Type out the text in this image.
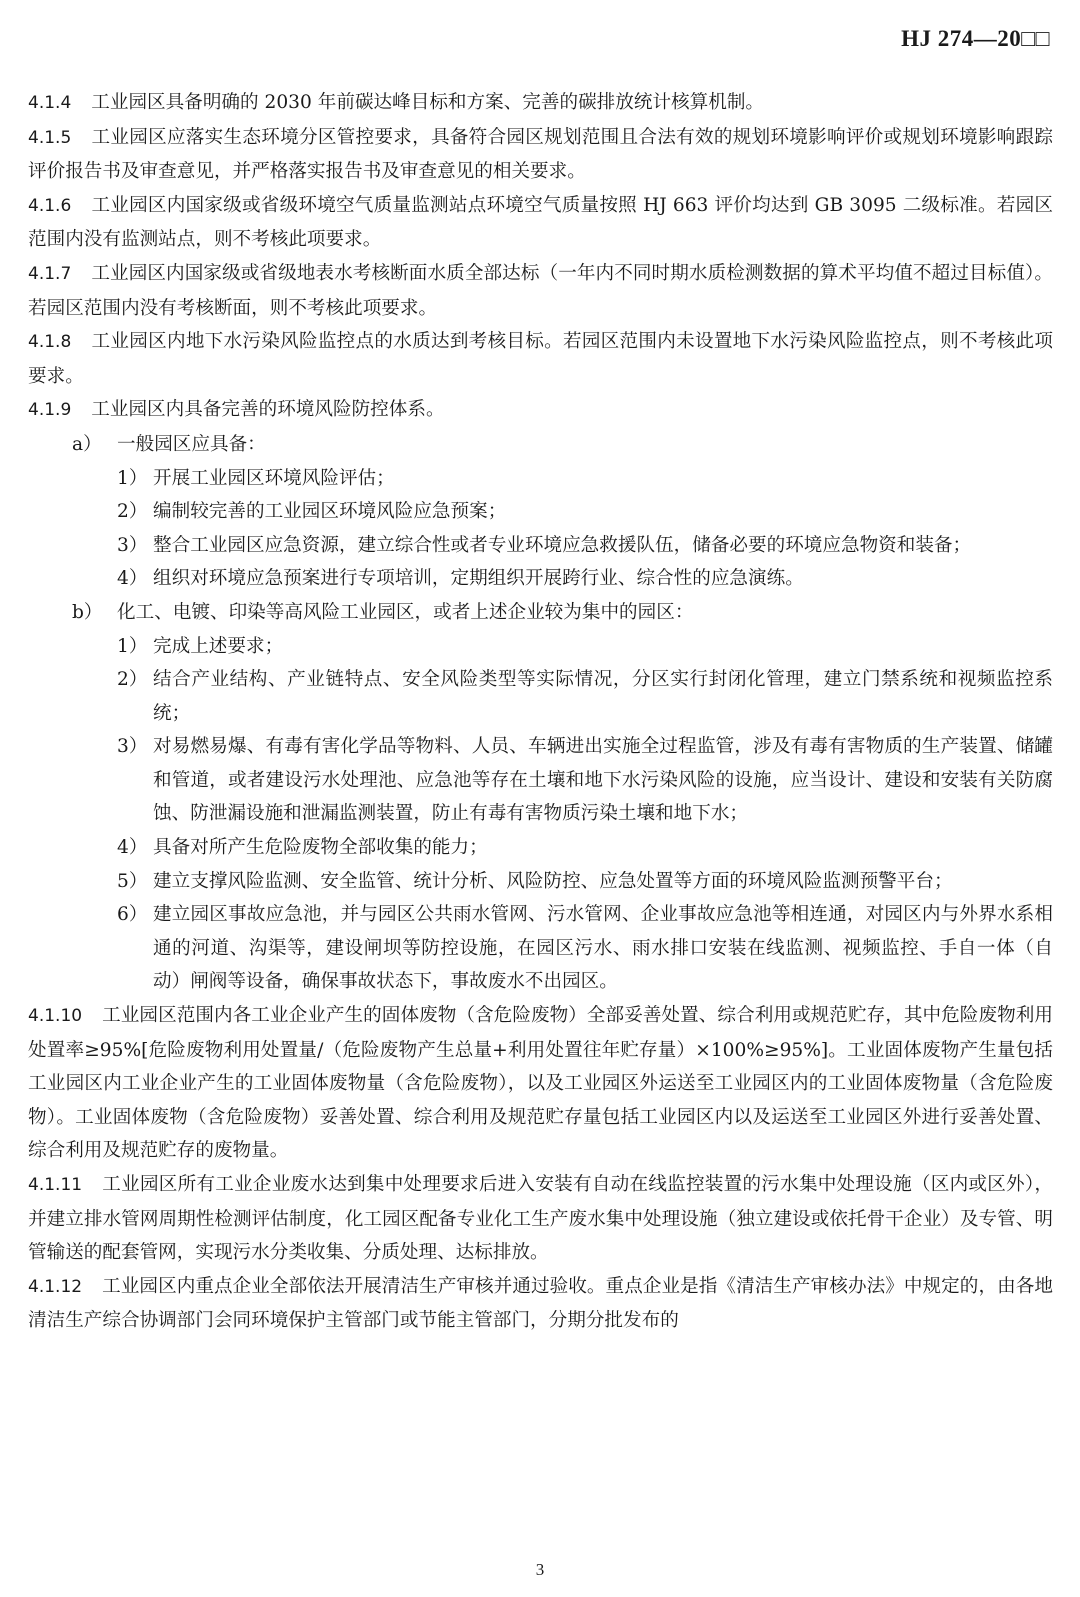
HJ 274—20□□

4.1.4 工业园区具备明确的 2030 年前碳达峰目标和方案、完善的碳排放统计核算机制。

4.1.5 工业园区应落实生态环境分区管控要求，具备符合园区规划范围且合法有效的规划环境影响评价或规划环境影响跟踪评价报告书及审查意见，并严格落实报告书及审查意见的相关要求。

4.1.6 工业园区内国家级或省级环境空气质量监测站点环境空气质量按照 HJ 663 评价均达到 GB 3095 二级标准。若园区范围内没有监测站点，则不考核此项要求。

4.1.7 工业园区内国家级或省级地表水考核断面水质全部达标（一年内不同时期水质检测数据的算术平均值不超过目标值）。若园区范围内没有考核断面，则不考核此项要求。

4.1.8 工业园区内地下水污染风险监控点的水质达到考核目标。若园区范围内未设置地下水污染风险监控点，则不考核此项要求。

4.1.9 工业园区内具备完善的环境风险防控体系。

a） 一般园区应具备：
1） 开展工业园区环境风险评估；
2） 编制较完善的工业园区环境风险应急预案；
3） 整合工业园区应急资源，建立综合性或者专业环境应急救援队伍，储备必要的环境应急物资和装备；
4） 组织对环境应急预案进行专项培训，定期组织开展跨行业、综合性的应急演练。
b） 化工、电镀、印染等高风险工业园区，或者上述企业较为集中的园区：
1） 完成上述要求；
2） 结合产业结构、产业链特点、安全风险类型等实际情况，分区实行封闭化管理，建立门禁系统和视频监控系统；
3） 对易燃易爆、有毒有害化学品等物料、人员、车辆进出实施全过程监管，涉及有毒有害物质的生产装置、储罐和管道，或者建设污水处理池、应急池等存在土壤和地下水污染风险的设施，应当设计、建设和安装有关防腐蚀、防泄漏设施和泄漏监测装置，防止有毒有害物质污染土壤和地下水；
4） 具备对所产生危险废物全部收集的能力；
5） 建立支撑风险监测、安全监管、统计分析、风险防控、应急处置等方面的环境风险监测预警平台；
6） 建立园区事故应急池，并与园区公共雨水管网、污水管网、企业事故应急池等相连通，对园区内与外界水系相通的河道、沟渠等，建设闸坝等防控设施，在园区污水、雨水排口安装在线监测、视频监控、手自一体（自动）闸阀等设备，确保事故状态下，事故废水不出园区。

4.1.10 工业园区范围内各工业企业产生的固体废物（含危险废物）全部妥善处置、综合利用或规范贮存，其中危险废物利用处置率≥95%[危险废物利用处置量/（危险废物产生总量+利用处置往年贮存量）×100%≥95%]。工业固体废物产生量包括工业园区内工业企业产生的工业固体废物量（含危险废物），以及工业园区外运送至工业园区内的工业固体废物量（含危险废物）。工业固体废物（含危险废物）妥善处置、综合利用及规范贮存量包括工业园区内以及运送至工业园区外进行妥善处置、综合利用及规范贮存的废物量。

4.1.11 工业园区所有工业企业废水达到集中处理要求后进入安装有自动在线监控装置的污水集中处理设施（区内或区外），并建立排水管网周期性检测评估制度，化工园区配备专业化工生产废水集中处理设施（独立建设或依托骨干企业）及专管、明管输送的配套管网，实现污水分类收集、分质处理、达标排放。

4.1.12 工业园区内重点企业全部依法开展清洁生产审核并通过验收。重点企业是指《清洁生产审核办法》中规定的，由各地清洁生产综合协调部门会同环境保护主管部门或节能主管部门，分期分批发布的

3
